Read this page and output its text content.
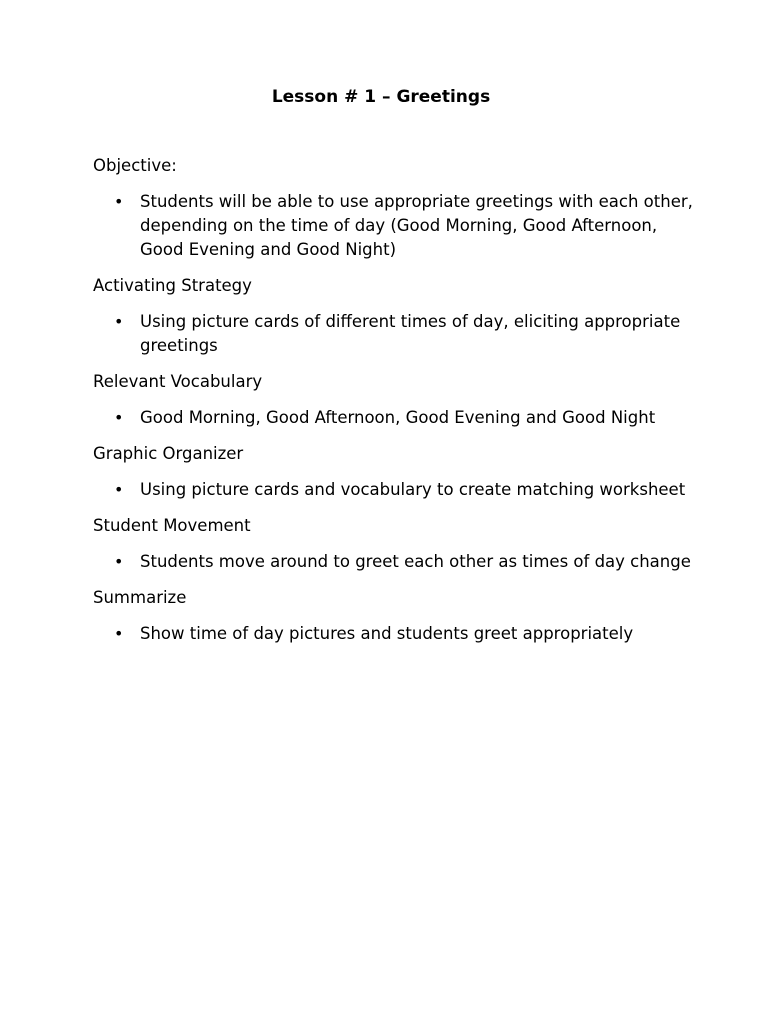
Lesson # 1 – Greetings

Objective:

• Students will be able to use appropriate greetings with each other, depending on the time of day (Good Morning, Good Afternoon, Good Evening and Good Night)

Activating Strategy

• Using picture cards of different times of day, eliciting appropriate greetings

Relevant Vocabulary

• Good Morning, Good Afternoon, Good Evening and Good Night

Graphic Organizer

• Using picture cards and vocabulary to create matching worksheet

Student Movement

• Students move around to greet each other as times of day change

Summarize

• Show time of day pictures and students greet appropriately
